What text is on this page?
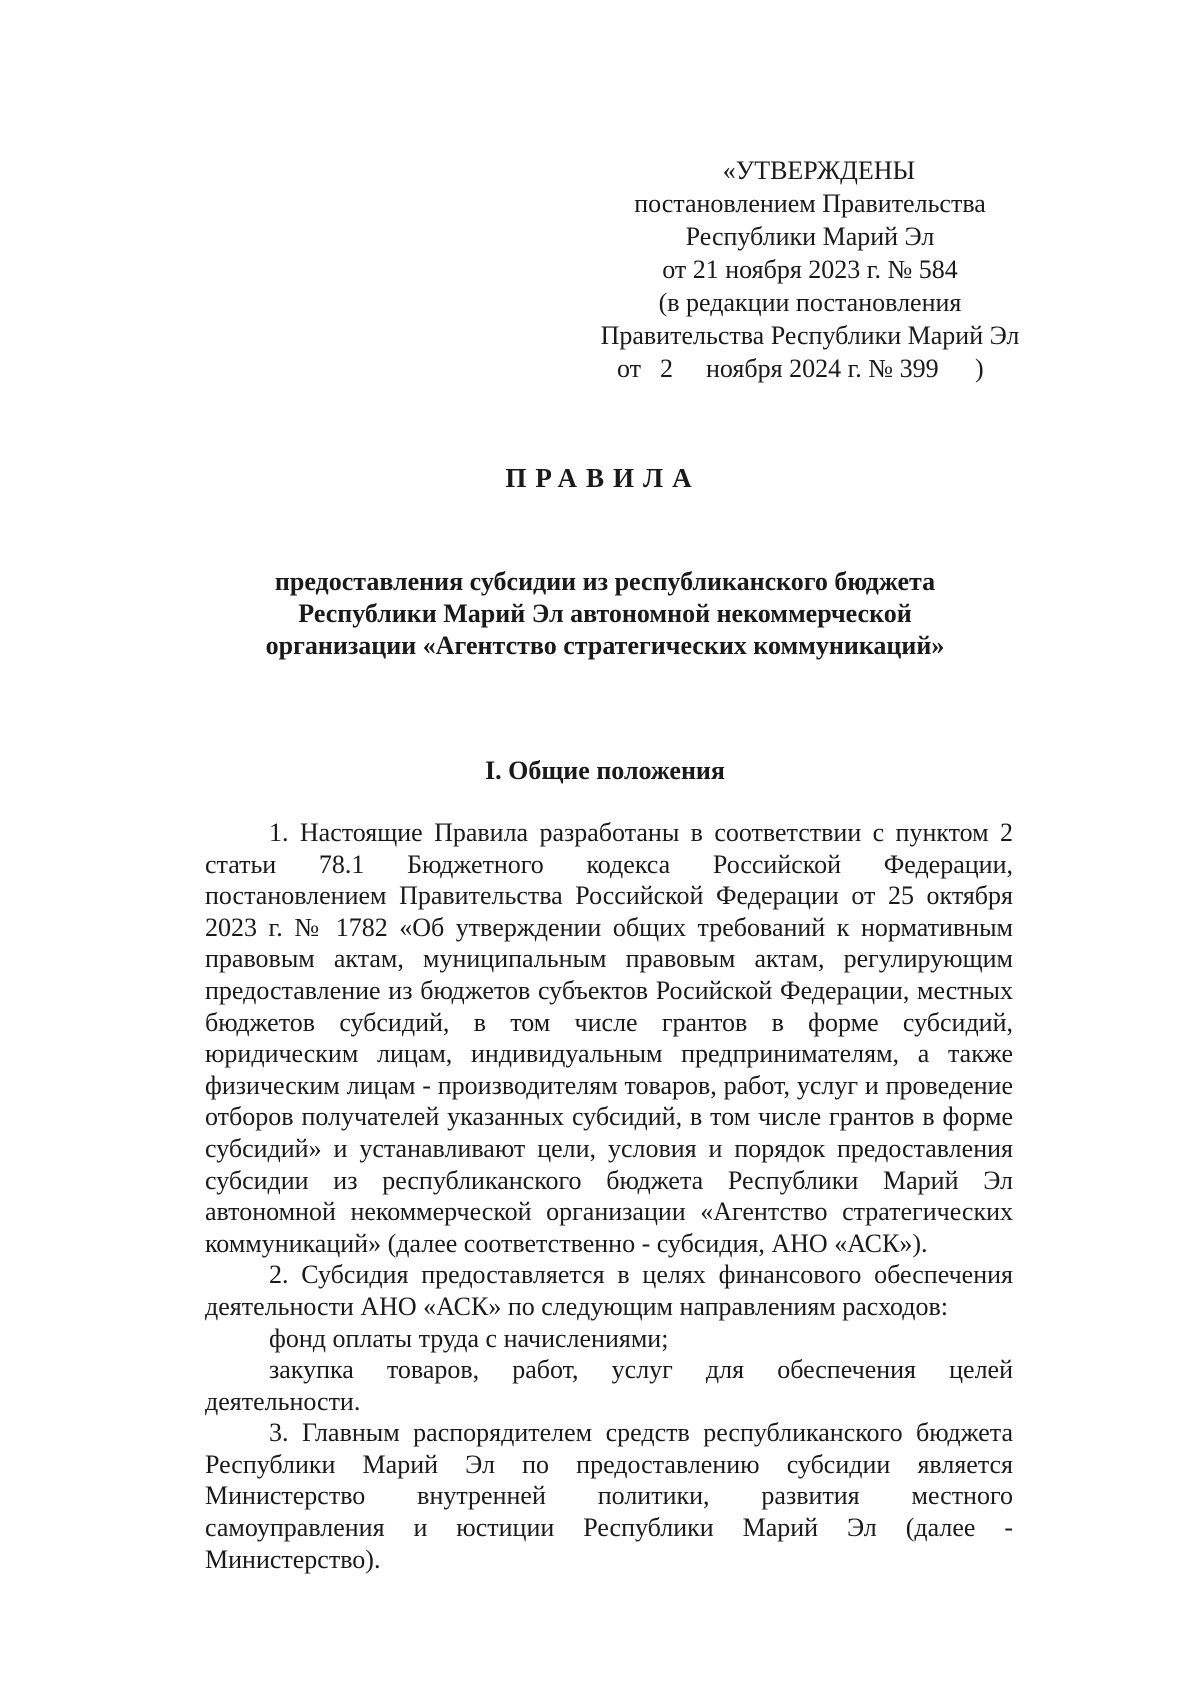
«УТВЕРЖДЕНЫ
постановлением Правительства
Республики Марий Эл
от 21 ноября 2023 г. № 584
(в редакции постановления
Правительства Республики Марий Эл
от 2 ноября 2024 г. № 399 )
ПРАВИЛА
предоставления субсидии из республиканского бюджета
Республики Марий Эл автономной некоммерческой
организации «Агентство стратегических коммуникаций»
I. Общие положения

1. Настоящие Правила разработаны в соответствии с пунктом 2 статьи 78.1 Бюджетного кодекса Российской Федерации, постановлением Правительства Российской Федерации от 25 октября 2023 г. № 1782 «Об утверждении общих требований к нормативным правовым актам, муниципальным правовым актам, регулирующим предоставление из бюджетов субъектов Росийской Федерации, местных бюджетов субсидий, в том числе грантов в форме субсидий, юридическим лицам, индивидуальным предпринимателям, а также физическим лицам - производителям товаров, работ, услуг и проведение отборов получателей указанных субсидий, в том числе грантов в форме субсидий» и устанавливают цели, условия и порядок предоставления субсидии из республиканского бюджета Республики Марий Эл автономной некоммерческой организации «Агентство стратегических коммуникаций» (далее соответственно - субсидия, АНО «АСК»).

2. Субсидия предоставляется в целях финансового обеспечения деятельности АНО «АСК» по следующим направлениям расходов:

фонд оплаты труда с начислениями;

закупка товаров, работ, услуг для обеспечения целей деятельности.

3. Главным распорядителем средств республиканского бюджета Республики Марий Эл по предоставлению субсидии является Министерство внутренней политики, развития местного самоуправления и юстиции Республики Марий Эл (далее - Министерство).
